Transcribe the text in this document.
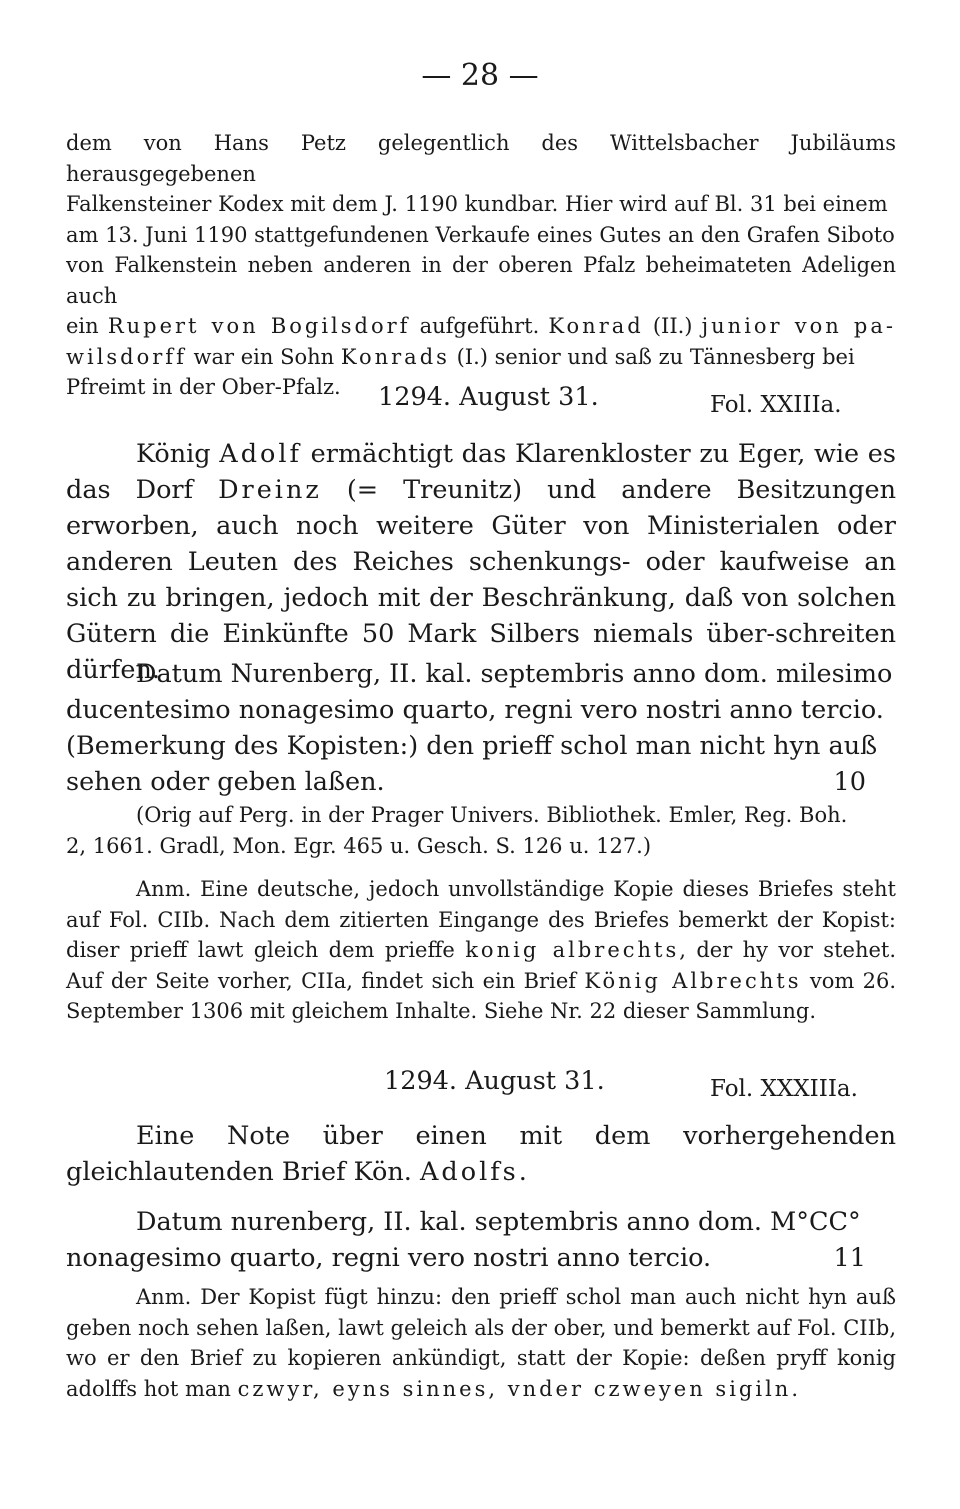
— 28 —
dem von Hans Petz gelegentlich des Wittelsbacher Jubiläums herausgegebenen
Falkensteiner Kodex mit dem J. 1190 kundbar. Hier wird auf Bl. 31 bei einem
am 13. Juni 1190 stattgefundenen Verkaufe eines Gutes an den Grafen Siboto
von Falkenstein neben anderen in der oberen Pfalz beheimateten Adeligen auch
ein Rupert von Bogilsdorf aufgeführt. Konrad (II.) junior von pa-wilsdorff war ein Sohn Konrads (I.) senior und saß zu Tännesberg bei
Pfreimt in der Ober-Pfalz.	1294. August 31.	Fol. XXIIIa.

König Adolf ermächtigt das Klarenkloster zu Eger, wie es das Dorf Dreinz (= Treunitz) und andere Besitzungen erworben, auch noch weitere Güter von Ministerialen oder anderen Leuten des Reiches schenkungs- oder kaufweise an sich zu bringen, jedoch mit der Beschränkung, daß von solchen Gütern die Einkünfte 50 Mark Silbers niemals über-schreiten dürfen.

Datum Nurenberg, II. kal. septembris anno dom. milesimo
ducentesimo nonagesimo quarto, regni vero nostri anno tercio.
(Bemerkung des Kopisten:) den prieff schol man nicht hyn auß
sehen oder geben laßen.	10
(Orig auf Perg. in der Prager Univers. Bibliothek. Emler, Reg. Boh.
2, 1661. Gradl, Mon. Egr. 465 u. Gesch. S. 126 u. 127.)

Anm. Eine deutsche, jedoch unvollständige Kopie dieses Briefes steht auf Fol. CIIb. Nach dem zitierten Eingange des Briefes bemerkt der Kopist: diser prieff lawt gleich dem prieffe konig albrechts, der hy vor stehet. Auf der Seite vorher, CIIa, findet sich ein Brief König Albrechts vom 26. September 1306 mit gleichem Inhalte. Siehe Nr. 22 dieser Sammlung.

1294. August 31.	Fol. XXXIIIa.

Eine Note über einen mit dem vorhergehenden gleichlautenden Brief Kön. Adolfs.

Datum nurenberg, II. kal. septembris anno dom. M°CC°
nonagesimo quarto, regni vero nostri anno tercio.	11

Anm. Der Kopist fügt hinzu: den prieff schol man auch nicht hyn auß geben noch sehen laßen, lawt geleich als der ober, und bemerkt auf Fol. CIIb, wo er den Brief zu kopieren ankündigt, statt der Kopie: deßen pryff konig adolffs hot man czwyr, eyns sinnes, vnder czweyen sigiln.
